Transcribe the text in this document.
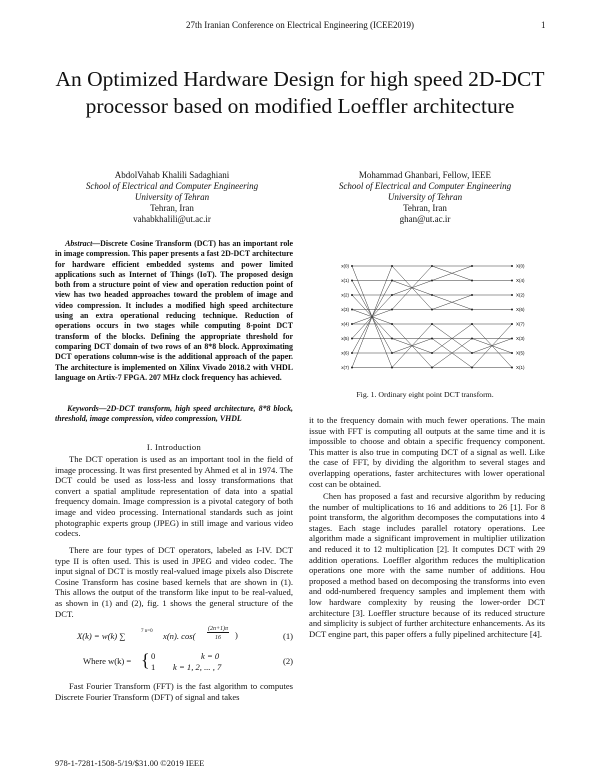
27th Iranian Conference on Electrical Engineering (ICEE2019)	1
An Optimized Hardware Design for high speed 2D-DCT processor based on modified Loeffler architecture
AbdolVahab Khalili Sadaghiani
School of Electrical and Computer Engineering
University of Tehran
Tehran, Iran
vahabkhalili@ut.ac.ir
Mohammad Ghanbari, Fellow, IEEE
School of Electrical and Computer Engineering
University of Tehran
Tehran, Iran
ghan@ut.ac.ir

Abstract—Discrete Cosine Transform (DCT) has an important role in image compression. This paper presents a fast 2D-DCT architecture for hardware efficient embedded systems and power limited applications such as Internet of Things (IoT). The proposed design both from a structure point of view and operation reduction point of view has two headed approaches toward the problem of image and video compression. It includes a modified high speed architecture using an extra operational reducing technique. Reduction of operations occurs in two stages while computing 8-point DCT transform of the blocks. Defining the appropriate threshold for comparing DCT domain of two rows of an 8*8 block. Approximating DCT operations column-wise is the additional approach of the paper. The architecture is implemented on Xilinx Vivado 2018.2 with VHDL language on Artix-7 FPGA. 207 MHz clock frequency has achieved.

Keywords—2D-DCT transform, high speed architecture, 8*8 block, threshold, image compression, video compression, VHDL

I. Introduction

The DCT operation is used as an important tool in the field of image processing. It was first presented by Ahmed et al in 1974. The DCT could be used as loss-less and lossy transformations that convert a spatial amplitude representation of data into a spatial frequency domain. Image compression is a pivotal category of both image and video processing. International standards such as joint photographic experts group (JPEG) in still image and various video codecs.

There are four types of DCT operators, labeled as I-IV. DCT type II is often used. This is used in JPEG and video codec. The input signal of DCT is mostly real-valued image pixels also Discrete Cosine Transform has cosine based kernels that are shown in (1). This allows the output of the transform like input to be real-valued, as shown in (1) and (2), fig. 1 shows the general structure of the DCT.

X(k) = w(k) ∑	7 n=0 x(n). cos(
(2n+1)π
16 )	(1)
Where w(k) = { 0	k = 0
1 k = 1, 2, ... , 7
(2)

Fast Fourier Transform (FFT) is the fast algorithm to computes Discrete Fourier Transform (DFT) of signal and takes

x(0)	X(0)
x(1)	X(4)
x(2)	X(2)
x(3)	X(6)
x(4)	X(7)
x(5)	X(3)
x(6)	X(5)
x(7)	X(1)
Fig. 1. Ordinary eight point DCT transform.

it to the frequency domain with much fewer operations. The main issue with FFT is computing all outputs at the same time and it is impossible to choose and obtain a specific frequency component. This matter is also true in computing DCT of a signal as well. Like the case of FFT, by dividing the algorithm to several stages and overlapping operations, faster architectures with lower operational cost can be obtained.

Chen has proposed a fast and recursive algorithm by reducing the number of multiplications to 16 and additions to 26 [1]. For 8 point transform, the algorithm decomposes the computations into 4 stages. Each stage includes parallel rotatory operations. Lee algorithm made a significant improvement in multiplier utilization and reduced it to 12 multiplication [2]. It computes DCT with 29 addition operations. Loeffler algorithm reduces the multiplication operations one more with the same number of additions. Hou proposed a method based on decomposing the transforms into even and odd-numbered frequency samples and implement them with low hardware complexity by reusing the lower-order DCT architecture [3]. Loeffler structure because of its reduced structure and simplicity is subject of further architecture enhancements. As its DCT engine part, this paper offers a fully pipelined architecture [4].

978-1-7281-1508-5/19/$31.00 ©2019 IEEE
